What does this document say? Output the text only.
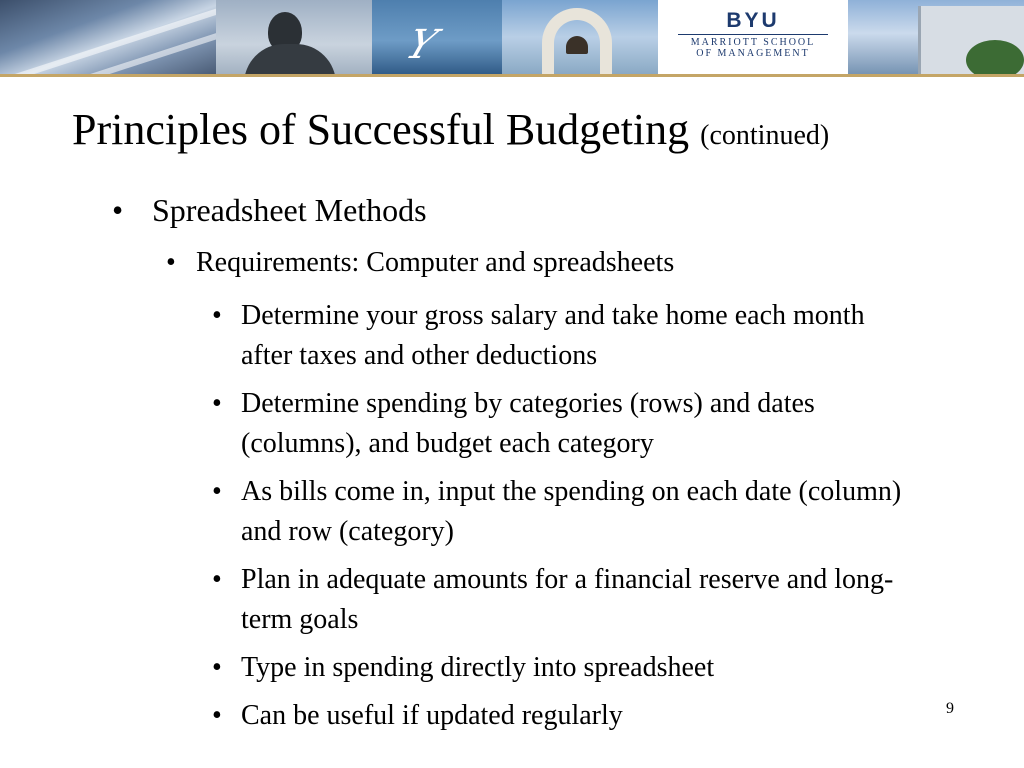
Y
BYU
MARRIOTT SCHOOL
OF MANAGEMENT
Principles of Successful Budgeting (continued)
• Spreadsheet Methods
• Requirements: Computer and spreadsheets
• Determine your gross salary and take home each month after taxes and other deductions
• Determine spending by categories (rows) and dates (columns), and budget each category
• As bills come in, input the spending on each date (column) and row (category)
• Plan in adequate amounts for a financial reserve and long-term goals
• Type in spending directly into spreadsheet
• Can be useful if updated regularly	9
